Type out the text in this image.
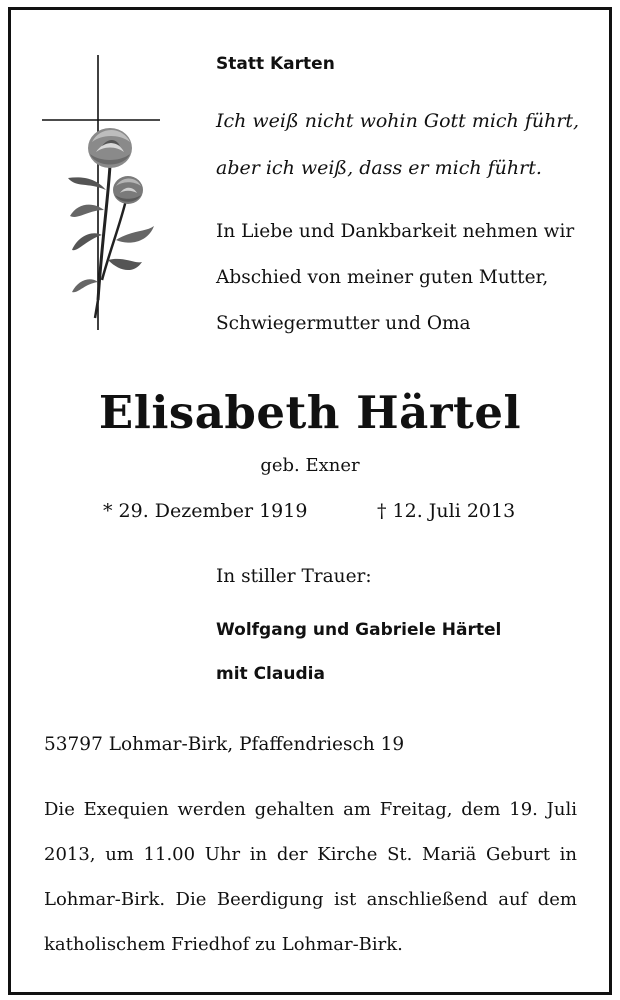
Statt Karten
Ich weiß nicht wohin Gott mich führt,
aber ich weiß, dass er mich führt.
In Liebe und Dankbarkeit nehmen wir
Abschied von meiner guten Mutter,
Schwiegermutter und Oma
Elisabeth Härtel
geb. Exner
* 29. Dezember 1919	† 12. Juli 2013
In stiller Trauer:
Wolfgang und Gabriele Härtel
mit Claudia
53797 Lohmar-Birk, Pfaffendriesch 19
Die Exequien werden gehalten am Freitag, dem 19. Juli 2013, um 11.00 Uhr in der Kirche St. Mariä Geburt in Lohmar-Birk. Die Beerdigung ist anschließend auf dem katholischem Friedhof zu Lohmar-Birk.
